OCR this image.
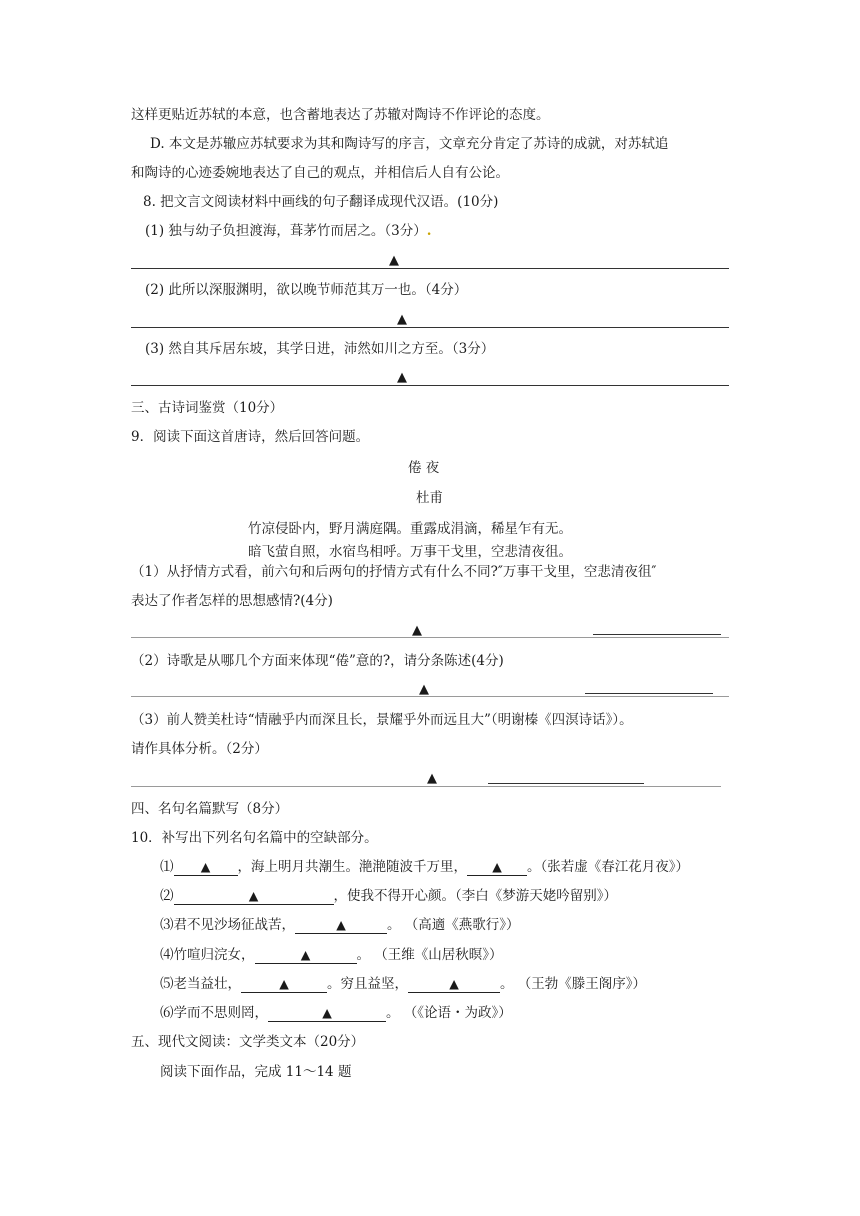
这样更贴近苏轼的本意，也含蓄地表达了苏辙对陶诗不作评论的态度。
D. 本文是苏辙应苏轼要求为其和陶诗写的序言，文章充分肯定了苏诗的成就，对苏轼追
和陶诗的心迹委婉地表达了自己的观点，并相信后人自有公论。
8. 把文言文阅读材料中画线的句子翻译成现代汉语。(10分)
(1) 独与幼子负担渡海，葺茅竹而居之。（3分）.
▲
(2) 此所以深服渊明，欲以晚节师范其万一也。（4分）
▲
(3) 然自其斥居东坡，其学日进，沛然如川之方至。（3分）
▲
三、古诗词鉴赏（10分）
9．阅读下面这首唐诗，然后回答问题。
倦 夜
杜甫
竹凉侵卧内，野月满庭隅。重露成涓滴，稀星乍有无。
暗飞萤自照，水宿鸟相呼。万事干戈里，空悲清夜徂。
（1）从抒情方式看，前六句和后两句的抒情方式有什么不同?″万事干戈里，空悲清夜徂″
表达了作者怎样的思想感情?(4分)
▲
（2）诗歌是从哪几个方面来体现“倦”意的?，请分条陈述(4分)
▲
（3）前人赞美杜诗“情融乎内而深且长，景耀乎外而远且大”（明谢榛《四溟诗话》）。
请作具体分析。（2分）
▲
四、名句名篇默写（8分）
10．补写出下列名句名篇中的空缺部分。
⑴ ▲ ，海上明月共潮生。滟滟随波千万里， ▲ 。（张若虚《春江花月夜》）
⑵	▲	，使我不得开心颜。（李白《梦游天姥吟留别》）
⑶君不见沙场征战苦，	▲	。 （高適《燕歌行》）
⑷竹喧归浣女，	▲	。 （王维《山居秋暝》）
⑸老当益壮，	▲	。穷且益坚，	▲	。 （王勃《滕王阁序》）
⑹学而不思则罔，	▲	。 （《论语・为政》）
五、现代文阅读：文学类文本（20分）
阅读下面作品，完成 11～14 题
